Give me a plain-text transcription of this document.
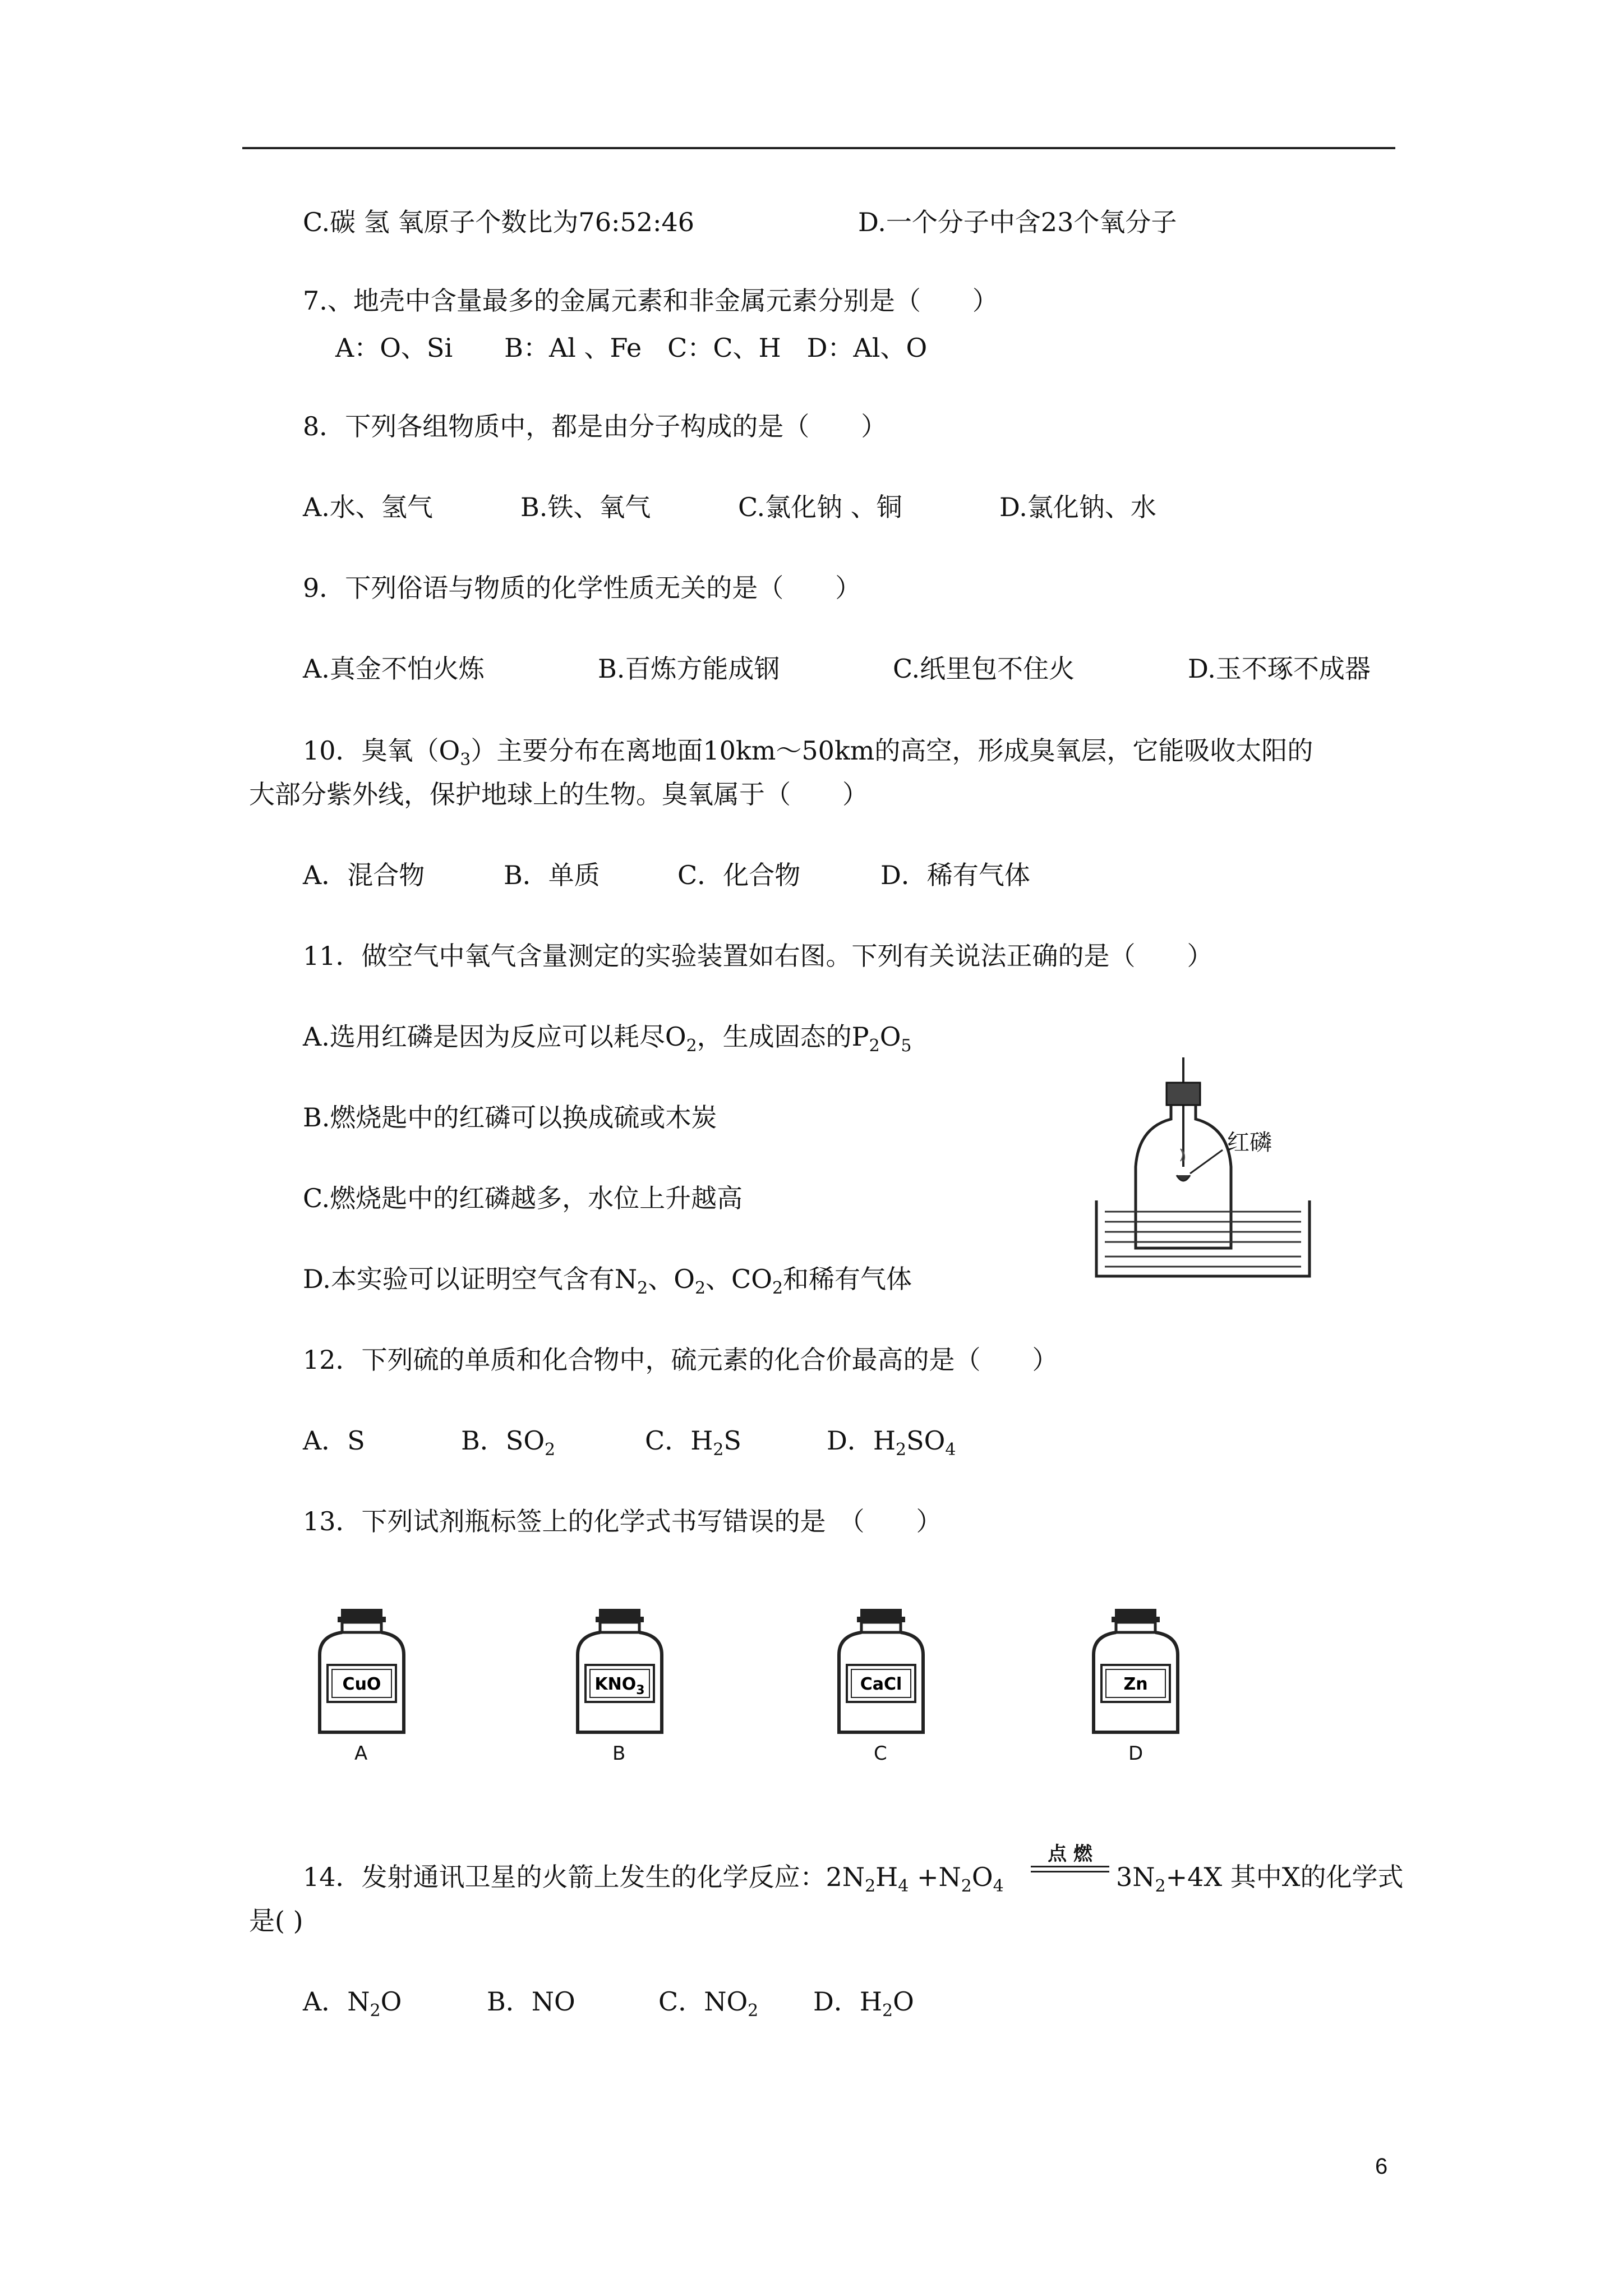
C.碳 氢 氧原子个数比为76:52:46	D.一个分子中含23个氧分子
7.、地壳中含量最多的金属元素和非金属元素分别是（　　）
A：O、Si　　B：Al 、Fe　C：C、H　D：Al、O
8．下列各组物质中，都是由分子构成的是（　　）
A.水、氢气	B.铁、氧气	C.氯化钠 、铜	D.氯化钠、水
9．下列俗语与物质的化学性质无关的是（　　）
A.真金不怕火炼	B.百炼方能成钢	C.纸里包不住火	D.玉不琢不成器
10．臭氧$(O_3)$主要分布在离地面10km～50km的高空，形成臭氧层，它能吸收太阳的
大部分紫外线，保护地球上的生物。臭氧属于（　　）
A．混合物	B．单质	C．化合物	D．稀有气体
11．做空气中氧气含量测定的实验装置如右图。下列有关说法正确的是（　　）
A.选用红磷是因为反应可以耗尽$O_2$，生成固态的$P_2O_5$
B.燃烧匙中的红磷可以换成硫或木炭
C.燃烧匙中的红磷越多，水位上升越高
D.本实验可以证明空气含有$N_2$、$O_2$、$CO_2$和稀有气体
红磷
12．下列硫的单质和化合物中，硫元素的化合价最高的是（　　）
A．S	B．$SO_2$	C．$H_2S$	D．$H_2SO_4$
13．下列试剂瓶标签上的化学式书写错误的是　（　　）
CuO
A
$KNO_3$
B
CaCl
C
Zn
D
14．发射通讯卫星的火箭上发生的化学反应：$2N_2H_4 +N_2O_4$
点 燃
$3N_2+4X$ 其中X的化学式
是( )
A．$N_2O$	B．NO	C．$NO_2$ D．$H_2O$
6
